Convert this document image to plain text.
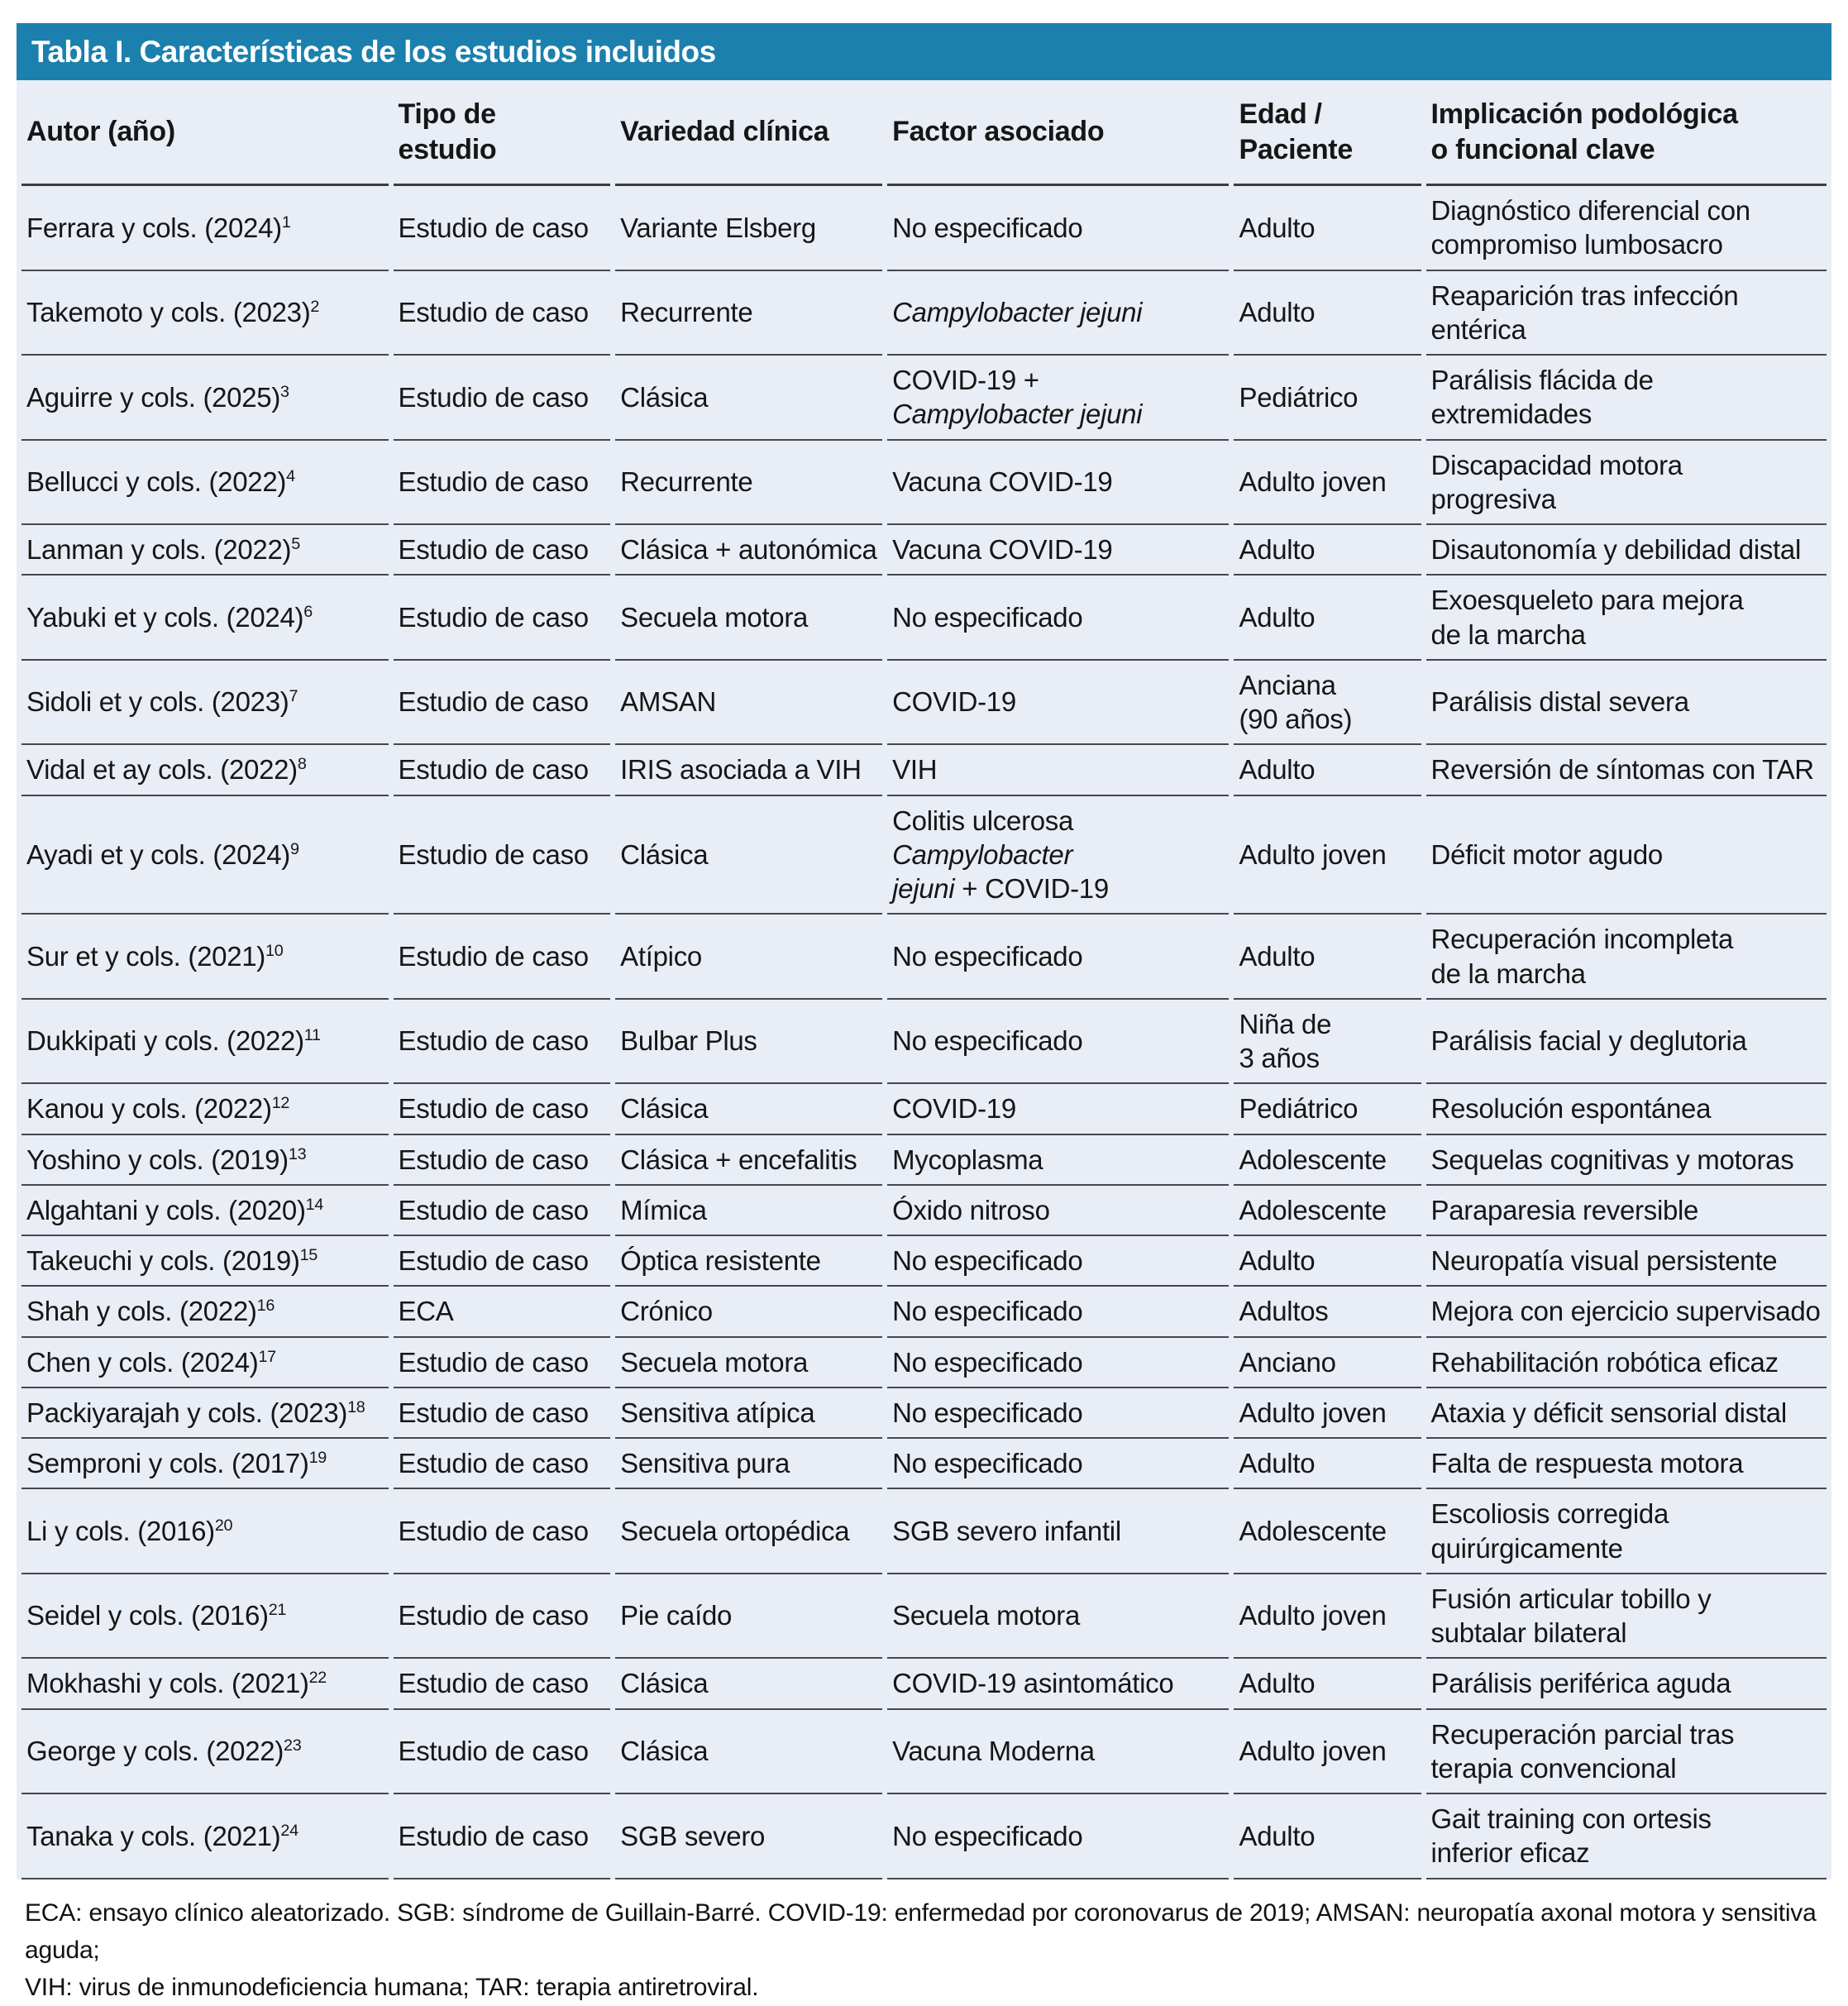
Tabla I. Características de los estudios incluidos
Autor (año)	Tipo de
estudio	Variedad clínica	Factor asociado	Edad /
Paciente	Implicación podológica
o funcional clave
Ferrara y cols. $(2024)^1$	Estudio de caso	Variante Elsberg	No especificado	Adulto	Diagnóstico diferencial con
compromiso lumbosacro
Takemoto y cols. $(2023)^2$	Estudio de caso	Recurrente	Campylobacter jejuni	Adulto	Reaparición tras infección
entérica
Aguirre y cols. $(2025)^3$	Estudio de caso	Clásica	COVID-19 + Campylobacter jejuni	Pediátrico	Parálisis flácida de
extremidades
Bellucci y cols. $(2022)^4$	Estudio de caso	Recurrente	Vacuna COVID-19	Adulto joven	Discapacidad motora
progresiva
Lanman y cols. $(2022)^5$	Estudio de caso	Clásica + autonómica	Vacuna COVID-19	Adulto	Disautonomía y debilidad distal
Yabuki et y cols. $(2024)^6$	Estudio de caso	Secuela motora	No especificado	Adulto	Exoesqueleto para mejora
de la marcha
Sidoli et y cols. $(2023)^7$	Estudio de caso	AMSAN	COVID-19	Anciana
(90 años)	Parálisis distal severa
Vidal et ay cols. $(2022)^8$	Estudio de caso	IRIS asociada a VIH	VIH	Adulto	Reversión de síntomas con TAR
Ayadi et y cols. $(2024)^9$	Estudio de caso	Clásica	Colitis ulcerosa
Campylobacter
jejuni + COVID-19	Adulto joven	Déficit motor agudo
Sur et y cols. $(2021)^{10}$	Estudio de caso	Atípico	No especificado	Adulto	Recuperación incompleta
de la marcha
Dukkipati y cols. $(2022)^{11}$	Estudio de caso	Bulbar Plus	No especificado	Niña de
3 años	Parálisis facial y deglutoria
Kanou y cols. $(2022)^{12}$	Estudio de caso	Clásica	COVID-19	Pediátrico	Resolución espontánea
Yoshino y cols. $(2019)^{13}$	Estudio de caso	Clásica + encefalitis	Mycoplasma	Adolescente	Sequelas cognitivas y motoras
Algahtani y cols. $(2020)^{14}$	Estudio de caso	Mímica	Óxido nitroso	Adolescente	Paraparesia reversible
Takeuchi y cols. $(2019)^{15}$	Estudio de caso	Óptica resistente	No especificado	Adulto	Neuropatía visual persistente
Shah y cols. $(2022)^{16}$	ECA	Crónico	No especificado	Adultos	Mejora con ejercicio supervisado
Chen y cols. $(2024)^{17}$	Estudio de caso	Secuela motora	No especificado	Anciano	Rehabilitación robótica eficaz
Packiyarajah y cols. $(2023)^{18}$	Estudio de caso	Sensitiva atípica	No especificado	Adulto joven	Ataxia y déficit sensorial distal
Semproni y cols. $(2017)^{19}$	Estudio de caso	Sensitiva pura	No especificado	Adulto	Falta de respuesta motora
Li y cols. $(2016)^{20}$	Estudio de caso	Secuela ortopédica	SGB severo infantil	Adolescente	Escoliosis corregida
quirúrgicamente
Seidel y cols. $(2016)^{21}$	Estudio de caso	Pie caído	Secuela motora	Adulto joven	Fusión articular tobillo y
subtalar bilateral
Mokhashi y cols. $(2021)^{22}$	Estudio de caso	Clásica	COVID-19 asintomático	Adulto	Parálisis periférica aguda
George y cols. $(2022)^{23}$	Estudio de caso	Clásica	Vacuna Moderna	Adulto joven	Recuperación parcial tras
terapia convencional
Tanaka y cols. $(2021)^{24}$	Estudio de caso	SGB severo	No especificado	Adulto	Gait training con ortesis
inferior eficaz
ECA: ensayo clínico aleatorizado. SGB: síndrome de Guillain-Barré. COVID-19: enfermedad por coronovarus de 2019; AMSAN: neuropatía axonal motora y sensitiva aguda;
VIH: virus de inmunodeficiencia humana; TAR: terapia antiretroviral.
